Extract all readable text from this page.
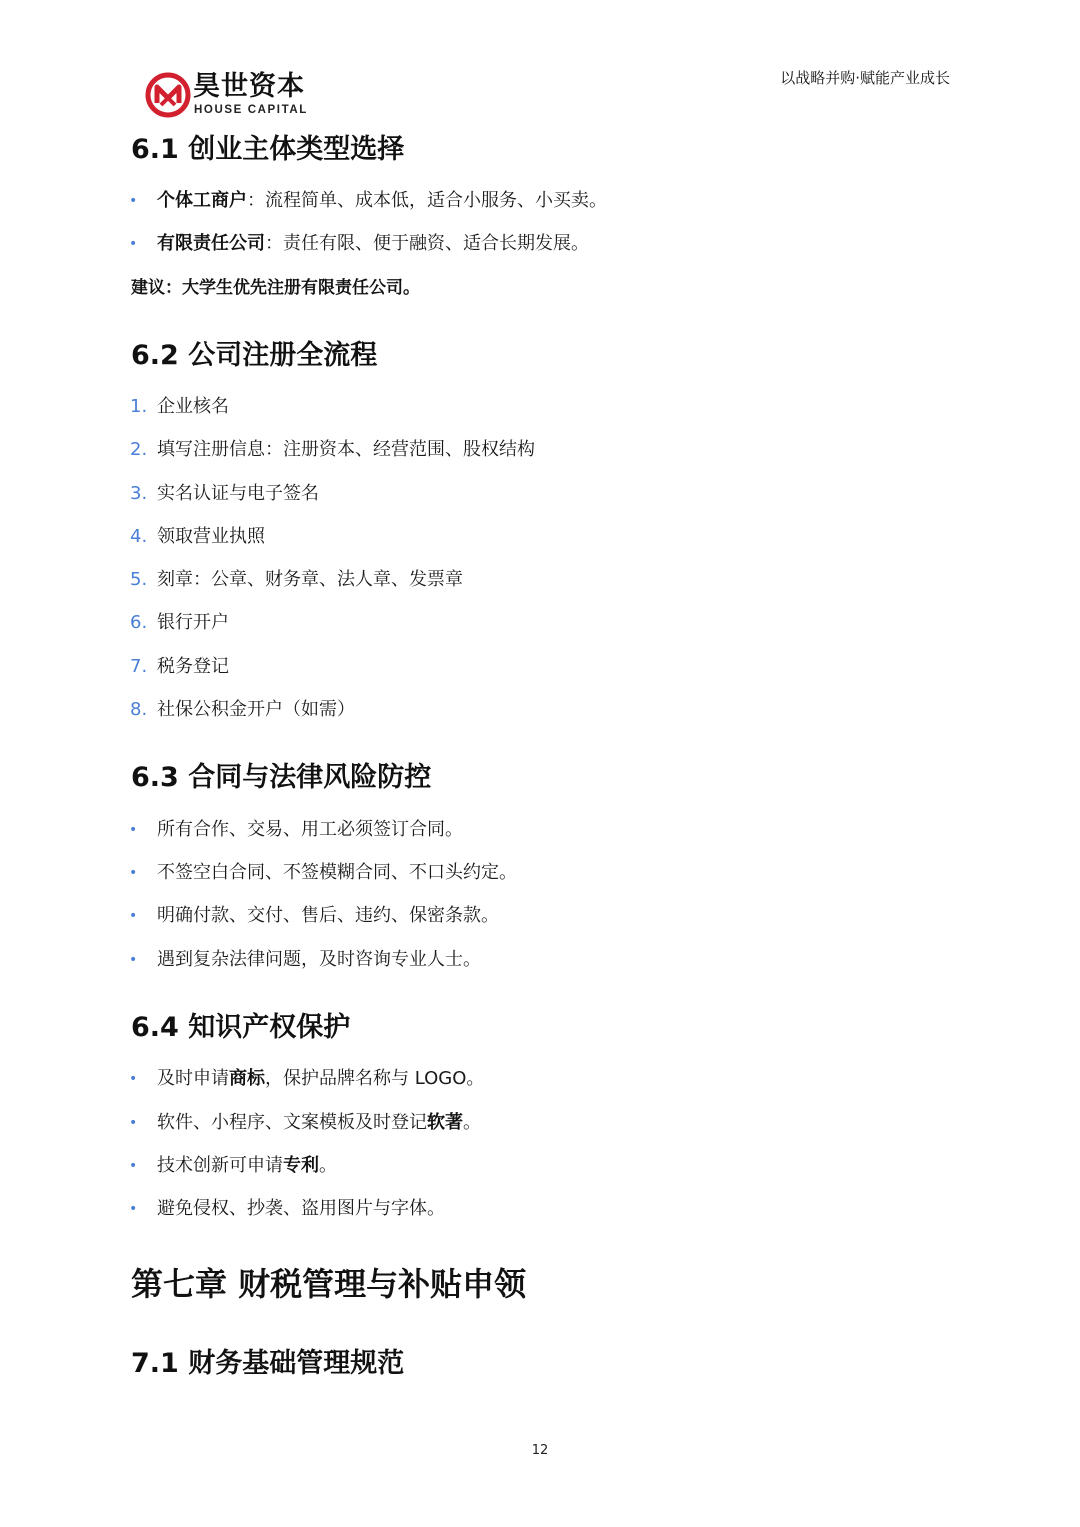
昊世资本
HOUSE CAPITAL
以战略并购·赋能产业成长
6.1 创业主体类型选择
• 个体工商户：流程简单、成本低，适合小服务、小买卖。
• 有限责任公司：责任有限、便于融资、适合长期发展。
建议：大学生优先注册有限责任公司。
6.2 公司注册全流程
1. 企业核名
2. 填写注册信息：注册资本、经营范围、股权结构
3. 实名认证与电子签名
4. 领取营业执照
5. 刻章：公章、财务章、法人章、发票章
6. 银行开户
7. 税务登记
8. 社保公积金开户（如需）
6.3 合同与法律风险防控
• 所有合作、交易、用工必须签订合同。
• 不签空白合同、不签模糊合同、不口头约定。
• 明确付款、交付、售后、违约、保密条款。
• 遇到复杂法律问题，及时咨询专业人士。
6.4 知识产权保护
• 及时申请商标，保护品牌名称与 LOGO。
• 软件、小程序、文案模板及时登记软著。
• 技术创新可申请专利。
• 避免侵权、抄袭、盗用图片与字体。
第七章 财税管理与补贴申领
7.1 财务基础管理规范
12
